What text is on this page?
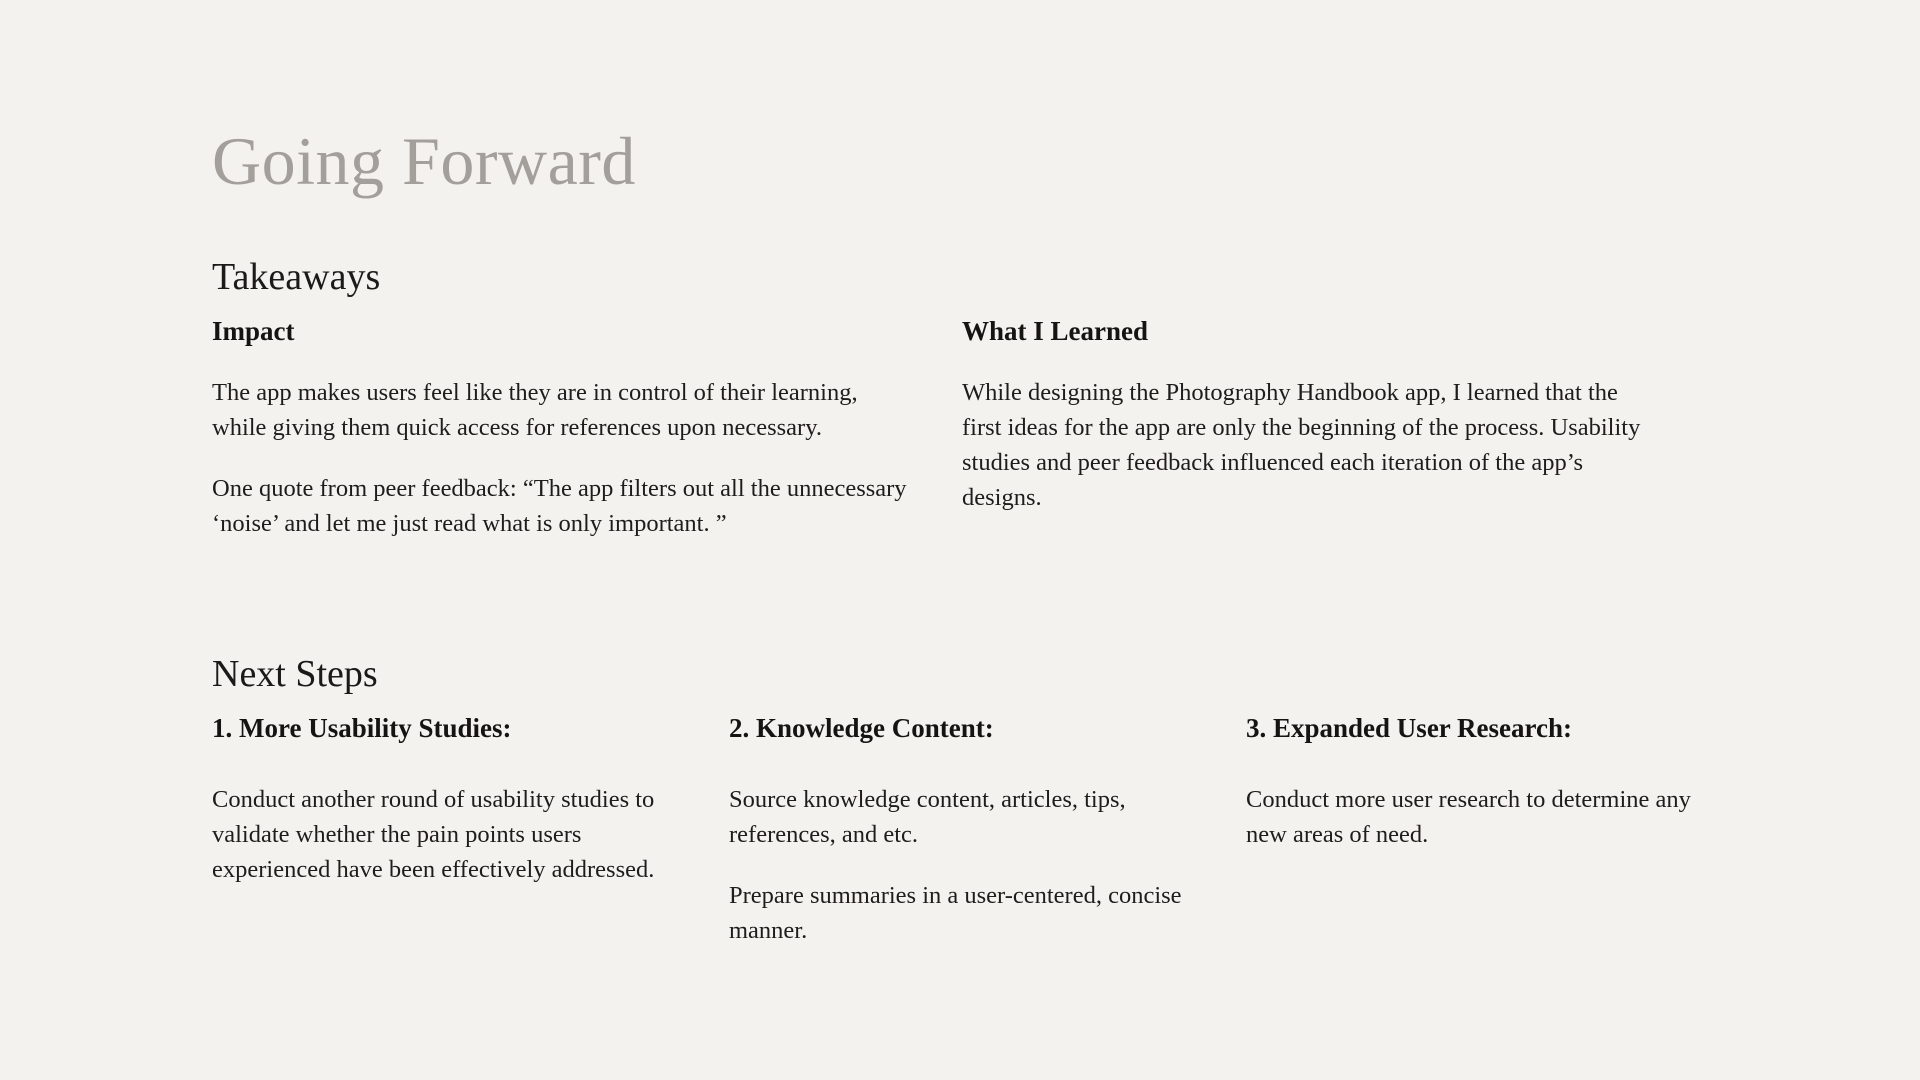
Going Forward
Takeaways
Impact

The app makes users feel like they are in control of their learning, while giving them quick access for references upon necessary.

One quote from peer feedback: “The app filters out all the unnecessary ‘noise’ and let me just read what is only important. ”

What I Learned

While designing the Photography Handbook app, I learned that the first ideas for the app are only the beginning of the process. Usability studies and peer feedback influenced each iteration of the app’s designs.

Next Steps
1. More Usability Studies:

Conduct another round of usability studies to validate whether the pain points users experienced have been effectively addressed.

2. Knowledge Content:

Source knowledge content, articles, tips, references, and etc.

Prepare summaries in a user-centered, concise manner.

3. Expanded User Research:

Conduct more user research to determine any new areas of need.
